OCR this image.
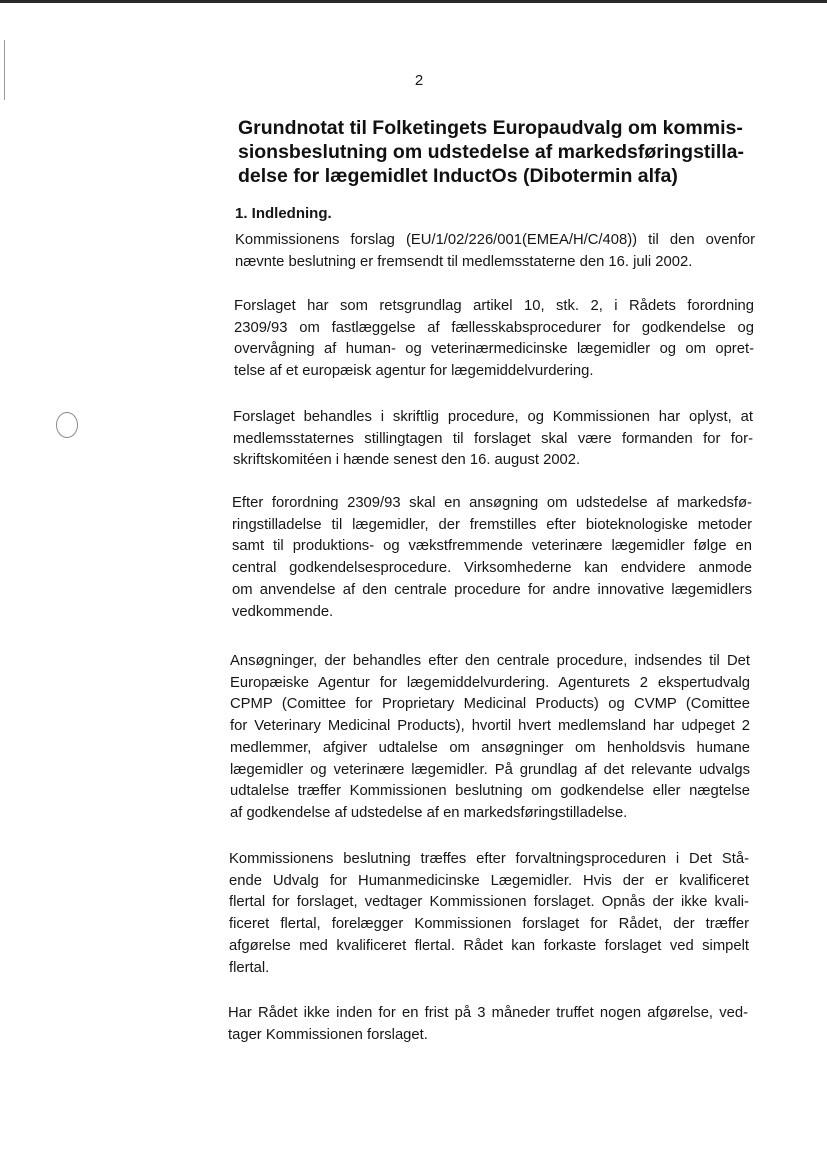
2
Grundnotat til Folketingets Europaudvalg om kommis-
sionsbeslutning om udstedelse af markedsføringstilla-
delse for lægemidlet InductOs (Dibotermin alfa)
1. Indledning.
Kommissionens forslag (EU/1/02/226/001(EMEA/H/C/408)) til den ovenfor
nævnte beslutning er fremsendt til medlemsstaterne den 16. juli 2002.
Forslaget har som retsgrundlag artikel 10, stk. 2, i Rådets forordning
2309/93 om fastlæggelse af fællesskabsprocedurer for godkendelse og
overvågning af human- og veterinærmedicinske lægemidler og om opret-
telse af et europæisk agentur for lægemiddelvurdering.
Forslaget behandles i skriftlig procedure, og Kommissionen har oplyst, at
medlemsstaternes stillingtagen til forslaget skal være formanden for for-
skriftskomitéen i hænde senest den 16. august 2002.
Efter forordning 2309/93 skal en ansøgning om udstedelse af markedsfø-
ringstilladelse til lægemidler, der fremstilles efter bioteknologiske metoder
samt til produktions- og vækstfremmende veterinære lægemidler følge en
central godkendelsesprocedure. Virksomhederne kan endvidere anmode
om anvendelse af den centrale procedure for andre innovative lægemidlers
vedkommende.
Ansøgninger, der behandles efter den centrale procedure, indsendes til Det
Europæiske Agentur for lægemiddelvurdering. Agenturets 2 ekspertudvalg
CPMP (Comittee for Proprietary Medicinal Products) og CVMP (Comittee
for Veterinary Medicinal Products), hvortil hvert medlemsland har udpeget 2
medlemmer, afgiver udtalelse om ansøgninger om henholdsvis humane
lægemidler og veterinære lægemidler. På grundlag af det relevante udvalgs
udtalelse træffer Kommissionen beslutning om godkendelse eller nægtelse
af godkendelse af udstedelse af en markedsføringstilladelse.
Kommissionens beslutning træffes efter forvaltningsproceduren i Det Stå-
ende Udvalg for Humanmedicinske Lægemidler. Hvis der er kvalificeret
flertal for forslaget, vedtager Kommissionen forslaget. Opnås der ikke kvali-
ficeret flertal, forelægger Kommissionen forslaget for Rådet, der træffer
afgørelse med kvalificeret flertal. Rådet kan forkaste forslaget ved simpelt
flertal.
Har Rådet ikke inden for en frist på 3 måneder truffet nogen afgørelse, ved-
tager Kommissionen forslaget.
